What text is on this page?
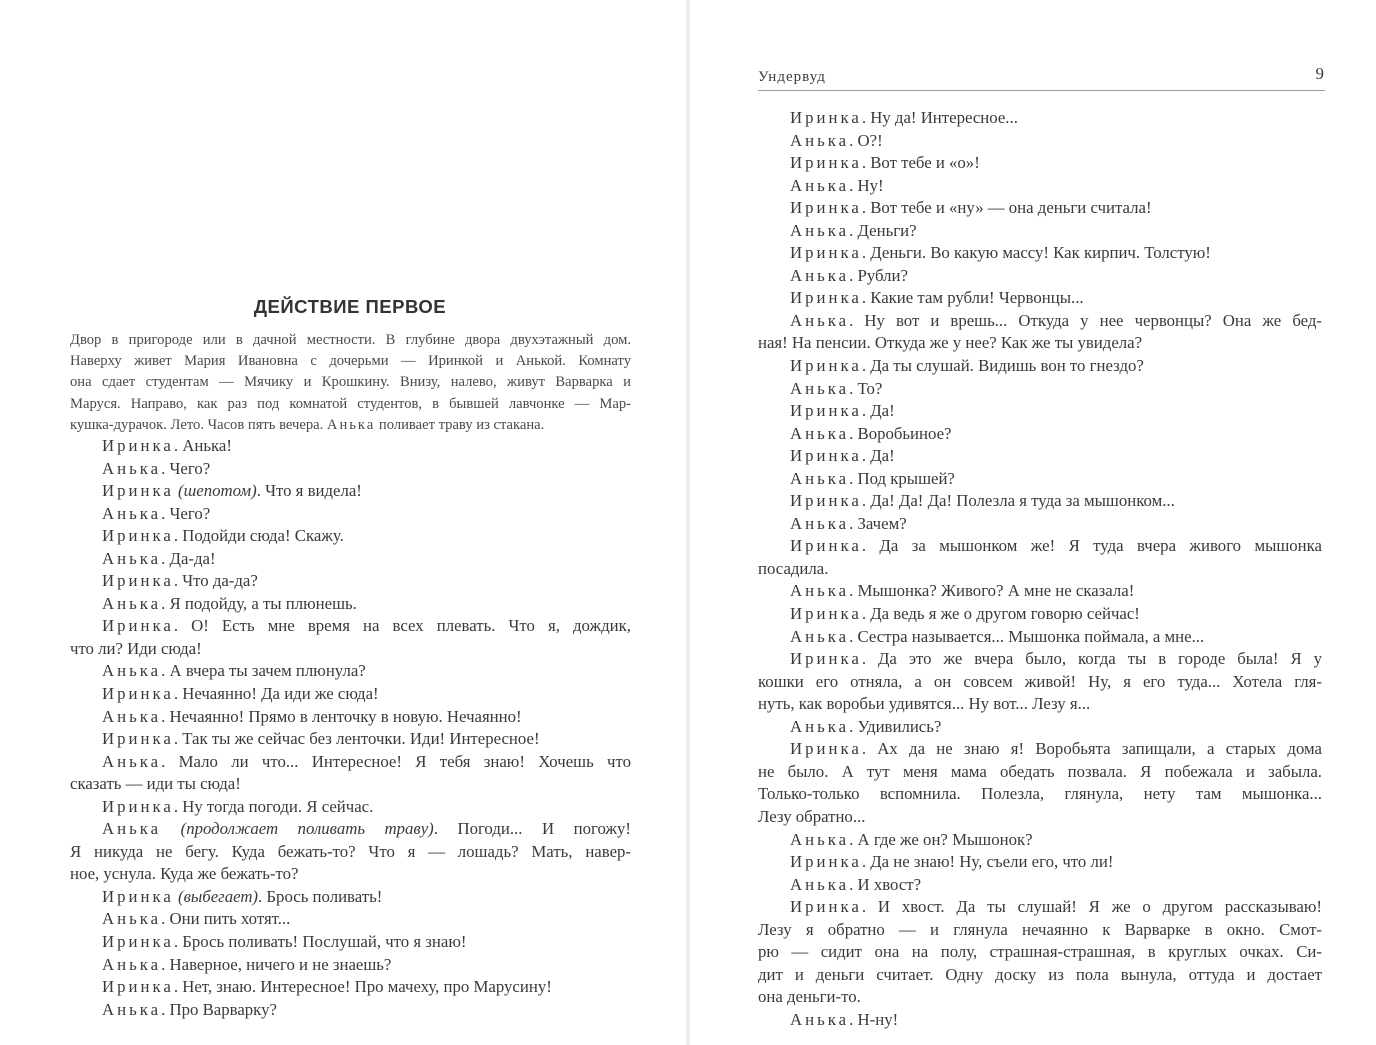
ДЕЙСТВИЕ ПЕРВОЕ
Двор в пригороде или в дачной местности. В глубине двора двухэтажный дом.
Наверху живет Мария Ивановна с дочерьми — Иринкой и Анькой. Комнату
она сдает студентам — Мячику и Крошкину. Внизу, налево, живут Варварка и
Маруся. Направо, как раз под комнатой студентов, в бывшей лавчонке — Мар-
кушка-дурачок. Лето. Часов пять вечера. Анька поливает траву из стакана.
Иринка. Анька!
Анька. Чего?
Иринка (шепотом). Что я видела!
Анька. Чего?
Иринка. Подойди сюда! Скажу.
Анька. Да-да!
Иринка. Что да-да?
Анька. Я подойду, а ты плюнешь.
Иринка. О! Есть мне время на всех плевать. Что я, дождик,
что ли? Иди сюда!
Анька. А вчера ты зачем плюнула?
Иринка. Нечаянно! Да иди же сюда!
Анька. Нечаянно! Прямо в ленточку в новую. Нечаянно!
Иринка. Так ты же сейчас без ленточки. Иди! Интересное!
Анька. Мало ли что... Интересное! Я тебя знаю! Хочешь что
сказать — иди ты сюда!
Иринка. Ну тогда погоди. Я сейчас.
Анька (продолжает поливать траву). Погоди... И погожу!
Я никуда не бегу. Куда бежать-то? Что я — лошадь? Мать, навер-
ное, уснула. Куда же бежать-то?
Иринка (выбегает). Брось поливать!
Анька. Они пить хотят...
Иринка. Брось поливать! Послушай, что я знаю!
Анька. Наверное, ничего и не знаешь?
Иринка. Нет, знаю. Интересное! Про мачеху, про Марусину!
Анька. Про Варварку?
Ундервуд	9
Иринка. Ну да! Интересное...
Анька. О?!
Иринка. Вот тебе и «о»!
Анька. Ну!
Иринка. Вот тебе и «ну» — она деньги считала!
Анька. Деньги?
Иринка. Деньги. Во какую массу! Как кирпич. Толстую!
Анька. Рубли?
Иринка. Какие там рубли! Червонцы...
Анька. Ну вот и врешь... Откуда у нее червонцы? Она же бед-
ная! На пенсии. Откуда же у нее? Как же ты увидела?
Иринка. Да ты слушай. Видишь вон то гнездо?
Анька. То?
Иринка. Да!
Анька. Воробьиное?
Иринка. Да!
Анька. Под крышей?
Иринка. Да! Да! Да! Полезла я туда за мышонком...
Анька. Зачем?
Иринка. Да за мышонком же! Я туда вчера живого мышонка
посадила.
Анька. Мышонка? Живого? А мне не сказала!
Иринка. Да ведь я же о другом говорю сейчас!
Анька. Сестра называется... Мышонка поймала, а мне...
Иринка. Да это же вчера было, когда ты в городе была! Я у
кошки его отняла, а он совсем живой! Ну, я его туда... Хотела гля-
нуть, как воробьи удивятся... Ну вот... Лезу я...
Анька. Удивились?
Иринка. Ах да не знаю я! Воробьята запищали, а старых дома
не было. А тут меня мама обедать позвала. Я побежала и забыла.
Только-только вспомнила. Полезла, глянула, нету там мышонка...
Лезу обратно...
Анька. А где же он? Мышонок?
Иринка. Да не знаю! Ну, съели его, что ли!
Анька. И хвост?
Иринка. И хвост. Да ты слушай! Я же о другом рассказываю!
Лезу я обратно — и глянула нечаянно к Варварке в окно. Смот-
рю — сидит она на полу, страшная-страшная, в круглых очках. Си-
дит и деньги считает. Одну доску из пола вынула, оттуда и достает
она деньги-то.
Анька. Н-ну!
